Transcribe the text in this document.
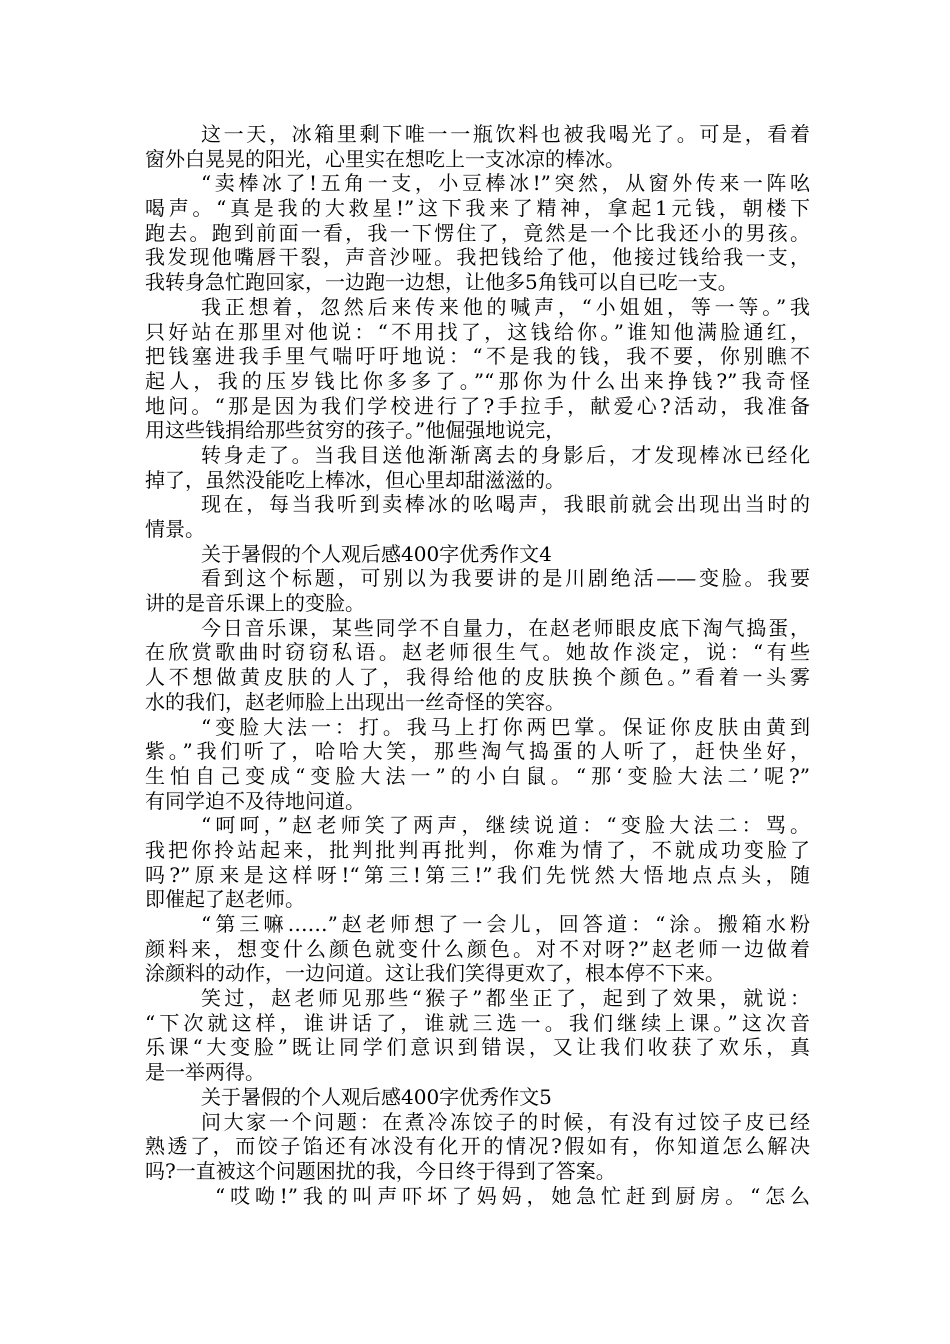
这一天，冰箱里剩下唯一一瓶饮料也被我喝光了。可是，看着
窗外白晃晃的阳光，心里实在想吃上一支冰凉的棒冰。
“卖棒冰了!五角一支，小豆棒冰!”突然，从窗外传来一阵吆
喝声。“真是我的大救星!”这下我来了精神，拿起1元钱，朝楼下
跑去。跑到前面一看，我一下愣住了，竟然是一个比我还小的男孩。
我发现他嘴唇干裂，声音沙哑。我把钱给了他，他接过钱给我一支，
我转身急忙跑回家，一边跑一边想，让他多5角钱可以自已吃一支。
我正想着，忽然后来传来他的喊声，“小姐姐，等一等。”我
只好站在那里对他说：“不用找了，这钱给你。”谁知他满脸通红，
把钱塞进我手里气喘吁吁地说：“不是我的钱，我不要，你别瞧不
起人，我的压岁钱比你多多了。”“那你为什么出来挣钱?”我奇怪
地问。“那是因为我们学校进行了?手拉手，献爱心?活动，我准备
用这些钱捐给那些贫穷的孩子。”他倔强地说完，
转身走了。当我目送他渐渐离去的身影后，才发现棒冰已经化
掉了，虽然没能吃上棒冰，但心里却甜滋滋的。
现在，每当我听到卖棒冰的吆喝声，我眼前就会出现出当时的
情景。
关于暑假的个人观后感400字优秀作文4
看到这个标题，可别以为我要讲的是川剧绝活——变脸。我要
讲的是音乐课上的变脸。
今日音乐课，某些同学不自量力，在赵老师眼皮底下淘气捣蛋，
在欣赏歌曲时窃窃私语。赵老师很生气。她故作淡定，说：“有些
人不想做黄皮肤的人了，我得给他的皮肤换个颜色。”看着一头雾
水的我们，赵老师脸上出现出一丝奇怪的笑容。
“变脸大法一：打。我马上打你两巴掌。保证你皮肤由黄到
紫。”我们听了，哈哈大笑，那些淘气捣蛋的人听了，赶快坐好，
生怕自己变成“变脸大法一”的小白鼠。“那‘变脸大法二’呢?”
有同学迫不及待地问道。
“呵呵，”赵老师笑了两声，继续说道：“变脸大法二：骂。
我把你拎站起来，批判批判再批判，你难为情了，不就成功变脸了
吗?”原来是这样呀!“第三!第三!”我们先恍然大悟地点点头，随
即催起了赵老师。
“第三嘛……”赵老师想了一会儿，回答道：“涂。搬箱水粉
颜料来，想变什么颜色就变什么颜色。对不对呀?”赵老师一边做着
涂颜料的动作，一边问道。这让我们笑得更欢了，根本停不下来。
笑过，赵老师见那些“猴子”都坐正了，起到了效果，就说：
“下次就这样，谁讲话了，谁就三选一。我们继续上课。”这次音
乐课“大变脸”既让同学们意识到错误，又让我们收获了欢乐，真
是一举两得。
关于暑假的个人观后感400字优秀作文5
问大家一个问题：在煮冷冻饺子的时候，有没有过饺子皮已经
熟透了，而饺子馅还有冰没有化开的情况?假如有，你知道怎么解决
吗?一直被这个问题困扰的我，今日终于得到了答案。
“哎呦!”我的叫声吓坏了妈妈，她急忙赶到厨房。“怎么
